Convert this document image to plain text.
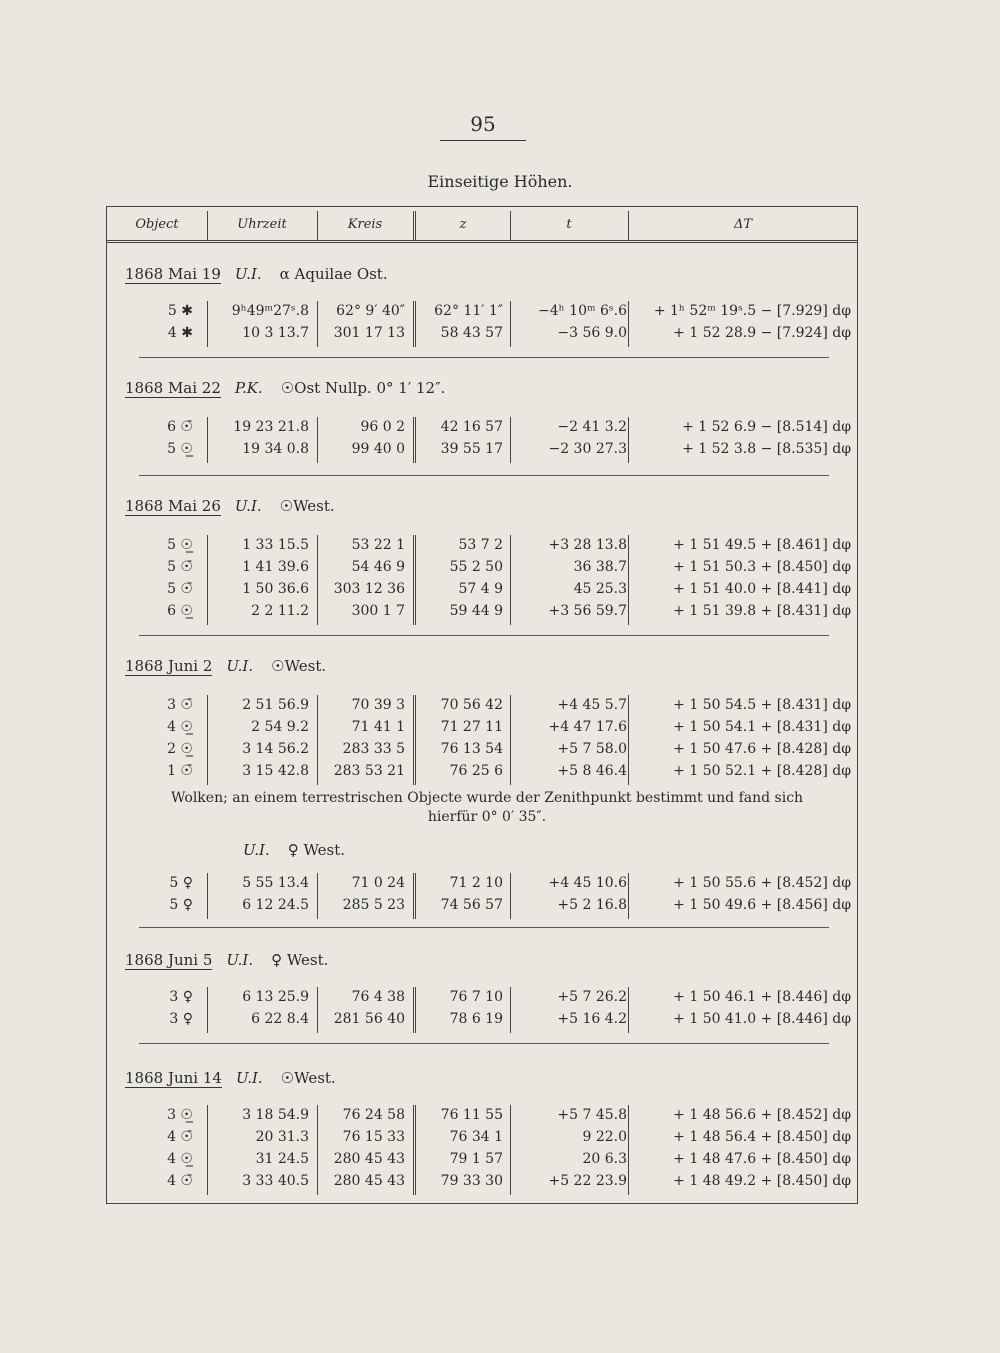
95
Einseitige Höhen.
Object	Uhrzeit	Kreis	z	t	ΔT
1868 Mai 19 U.I. α Aquilae Ost.
5 ✱	9ʰ49ᵐ27ˢ.8	62° 9′ 40″	62° 11′ 1″	−4ʰ 10ᵐ 6ˢ.6	+ 1ʰ 52ᵐ 19ˢ.5 − [7.929] dφ
4 ✱	10 3 13.7	301 17 13	58 43 57	−3 56 9.0	+ 1 52 28.9 − [7.924] dφ
1868 Mai 22 P.K. ☉Ost Nullp. 0° 1′ 12″.
6 ☉̄	19 23 21.8	96 0 2	42 16 57	−2 41 3.2	+ 1 52 6.9 − [8.514] dφ
5 ☉̲	19 34 0.8	99 40 0	39 55 17	−2 30 27.3	+ 1 52 3.8 − [8.535] dφ
1868 Mai 26 U.I. ☉West.
5 ☉̲	1 33 15.5	53 22 1	53 7 2	+3 28 13.8	+ 1 51 49.5 + [8.461] dφ
5 ☉̄	1 41 39.6	54 46 9	55 2 50	36 38.7	+ 1 51 50.3 + [8.450] dφ
5 ☉̄	1 50 36.6	303 12 36	57 4 9	45 25.3	+ 1 51 40.0 + [8.441] dφ
6 ☉̲	2 2 11.2	300 1 7	59 44 9	+3 56 59.7	+ 1 51 39.8 + [8.431] dφ
1868 Juni 2 U.I. ☉West.
3 ☉̄	2 51 56.9	70 39 3	70 56 42	+4 45 5.7	+ 1 50 54.5 + [8.431] dφ
4 ☉̲	2 54 9.2	71 41 1	71 27 11	+4 47 17.6	+ 1 50 54.1 + [8.431] dφ
2 ☉̲	3 14 56.2	283 33 5	76 13 54	+5 7 58.0	+ 1 50 47.6 + [8.428] dφ
1 ☉̄	3 15 42.8	283 53 21	76 25 6	+5 8 46.4	+ 1 50 52.1 + [8.428] dφ
Wolken; an einem terrestrischen Objecte wurde der Zenithpunkt bestimmt und fand sich
hierfür 0° 0′ 35″.
U.I. ♀ West.
5 ♀	5 55 13.4	71 0 24	71 2 10	+4 45 10.6	+ 1 50 55.6 + [8.452] dφ
5 ♀	6 12 24.5	285 5 23	74 56 57	+5 2 16.8	+ 1 50 49.6 + [8.456] dφ
1868 Juni 5 U.I. ♀ West.
3 ♀	6 13 25.9	76 4 38	76 7 10	+5 7 26.2	+ 1 50 46.1 + [8.446] dφ
3 ♀	6 22 8.4	281 56 40	78 6 19	+5 16 4.2	+ 1 50 41.0 + [8.446] dφ
1868 Juni 14 U.I. ☉West.
3 ☉̲	3 18 54.9	76 24 58	76 11 55	+5 7 45.8	+ 1 48 56.6 + [8.452] dφ
4 ☉̄	20 31.3	76 15 33	76 34 1	9 22.0	+ 1 48 56.4 + [8.450] dφ
4 ☉̲	31 24.5	280 45 43	79 1 57	20 6.3	+ 1 48 47.6 + [8.450] dφ
4 ☉̄	3 33 40.5	280 45 43	79 33 30	+5 22 23.9	+ 1 48 49.2 + [8.450] dφ
